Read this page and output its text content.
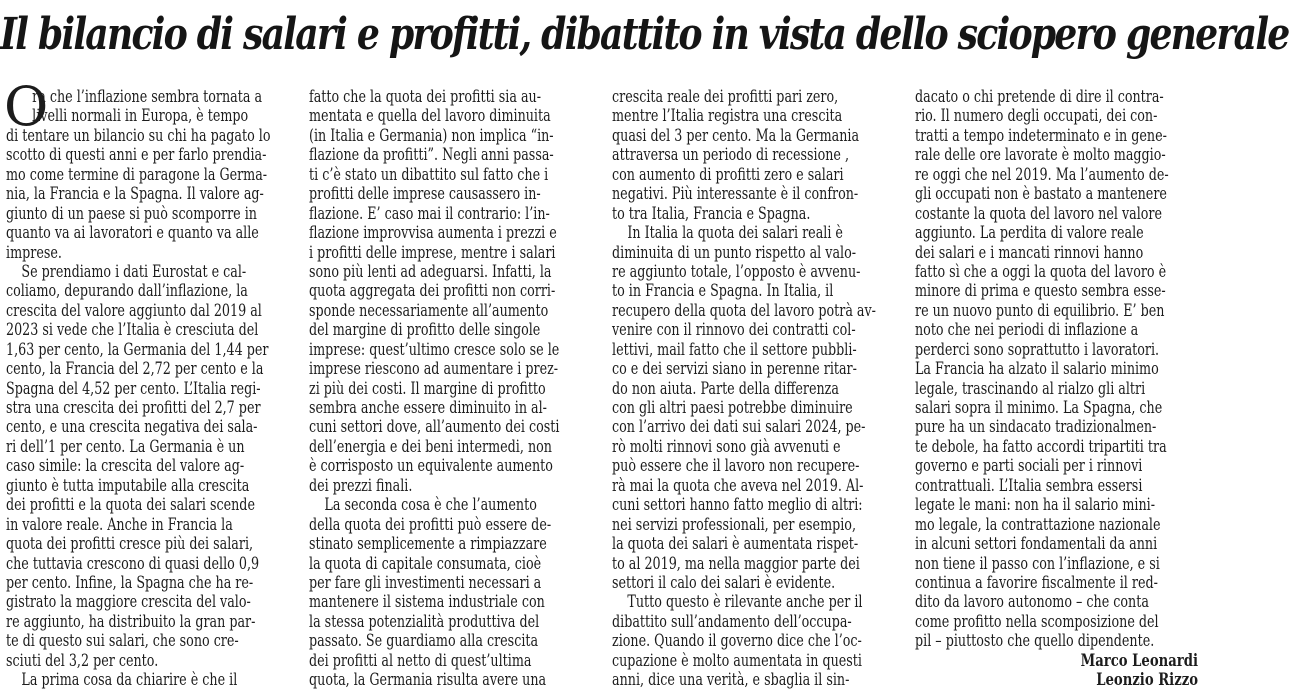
Il bilancio di salari e profitti, dibattito in vista dello sciopero generale
O
ra che l’inflazione sembra tornata a
livelli normali in Europa, è tempo
di tentare un bilancio su chi ha pagato lo
scotto di questi anni e per farlo prendia-
mo come termine di paragone la Germa-
nia, la Francia e la Spagna. Il valore ag-
giunto di un paese si può scomporre in
quanto va ai lavoratori e quanto va alle
imprese.
Se prendiamo i dati Eurostat e cal-
coliamo, depurando dall’inflazione, la
crescita del valore aggiunto dal 2019 al
2023 si vede che l’Italia è cresciuta del
1,63 per cento, la Germania del 1,44 per
cento, la Francia del 2,72 per cento e la
Spagna del 4,52 per cento. L’Italia regi-
stra una crescita dei profitti del 2,7 per
cento, e una crescita negativa dei sala-
ri dell’1 per cento. La Germania è un
caso simile: la crescita del valore ag-
giunto è tutta imputabile alla crescita
dei profitti e la quota dei salari scende
in valore reale. Anche in Francia la
quota dei profitti cresce più dei salari,
che tuttavia crescono di quasi dello 0,9
per cento. Infine, la Spagna che ha re-
gistrato la maggiore crescita del valo-
re aggiunto, ha distribuito la gran par-
te di questo sui salari, che sono cre-
sciuti del 3,2 per cento.
La prima cosa da chiarire è che il
fatto che la quota dei profitti sia au-
mentata e quella del lavoro diminuita
(in Italia e Germania) non implica “in-
flazione da profitti”. Negli anni passa-
ti c’è stato un dibattito sul fatto che i
profitti delle imprese causassero in-
flazione. E’ caso mai il contrario: l’in-
flazione improvvisa aumenta i prezzi e
i profitti delle imprese, mentre i salari
sono più lenti ad adeguarsi. Infatti, la
quota aggregata dei profitti non corri-
sponde necessariamente all’aumento
del margine di profitto delle singole
imprese: quest’ultimo cresce solo se le
imprese riescono ad aumentare i prez-
zi più dei costi. Il margine di profitto
sembra anche essere diminuito in al-
cuni settori dove, all’aumento dei costi
dell’energia e dei beni intermedi, non
è corrisposto un equivalente aumento
dei prezzi finali.
La seconda cosa è che l’aumento
della quota dei profitti può essere de-
stinato semplicemente a rimpiazzare
la quota di capitale consumata, cioè
per fare gli investimenti necessari a
mantenere il sistema industriale con
la stessa potenzialità produttiva del
passato. Se guardiamo alla crescita
dei profitti al netto di quest’ultima
quota, la Germania risulta avere una
crescita reale dei profitti pari zero,
mentre l’Italia registra una crescita
quasi del 3 per cento. Ma la Germania
attraversa un periodo di recessione ,
con aumento di profitti zero e salari
negativi. Più interessante è il confron-
to tra Italia, Francia e Spagna.
In Italia la quota dei salari reali è
diminuita di un punto rispetto al valo-
re aggiunto totale, l’opposto è avvenu-
to in Francia e Spagna. In Italia, il
recupero della quota del lavoro potrà av-
venire con il rinnovo dei contratti col-
lettivi, mail fatto che il settore pubbli-
co e dei servizi siano in perenne ritar-
do non aiuta. Parte della differenza
con gli altri paesi potrebbe diminuire
con l’arrivo dei dati sui salari 2024, pe-
rò molti rinnovi sono già avvenuti e
può essere che il lavoro non recupere-
rà mai la quota che aveva nel 2019. Al-
cuni settori hanno fatto meglio di altri:
nei servizi professionali, per esempio,
la quota dei salari è aumentata rispet-
to al 2019, ma nella maggior parte dei
settori il calo dei salari è evidente.
Tutto questo è rilevante anche per il
dibattito sull’andamento dell’occupa-
zione. Quando il governo dice che l’oc-
cupazione è molto aumentata in questi
anni, dice una verità, e sbaglia il sin-
dacato o chi pretende di dire il contra-
rio. Il numero degli occupati, dei con-
tratti a tempo indeterminato e in gene-
rale delle ore lavorate è molto maggio-
re oggi che nel 2019. Ma l’aumento de-
gli occupati non è bastato a mantenere
costante la quota del lavoro nel valore
aggiunto. La perdita di valore reale
dei salari e i mancati rinnovi hanno
fatto sì che a oggi la quota del lavoro è
minore di prima e questo sembra esse-
re un nuovo punto di equilibrio. E’ ben
noto che nei periodi di inflazione a
perderci sono soprattutto i lavoratori.
La Francia ha alzato il salario minimo
legale, trascinando al rialzo gli altri
salari sopra il minimo. La Spagna, che
pure ha un sindacato tradizionalmen-
te debole, ha fatto accordi tripartiti tra
governo e parti sociali per i rinnovi
contrattuali. L’Italia sembra essersi
legate le mani: non ha il salario mini-
mo legale, la contrattazione nazionale
in alcuni settori fondamentali da anni
non tiene il passo con l’inflazione, e si
continua a favorire fiscalmente il red-
dito da lavoro autonomo – che conta
come profitto nella scomposizione del
pil – piuttosto che quello dipendente.
Marco Leonardi
Leonzio Rizzo
